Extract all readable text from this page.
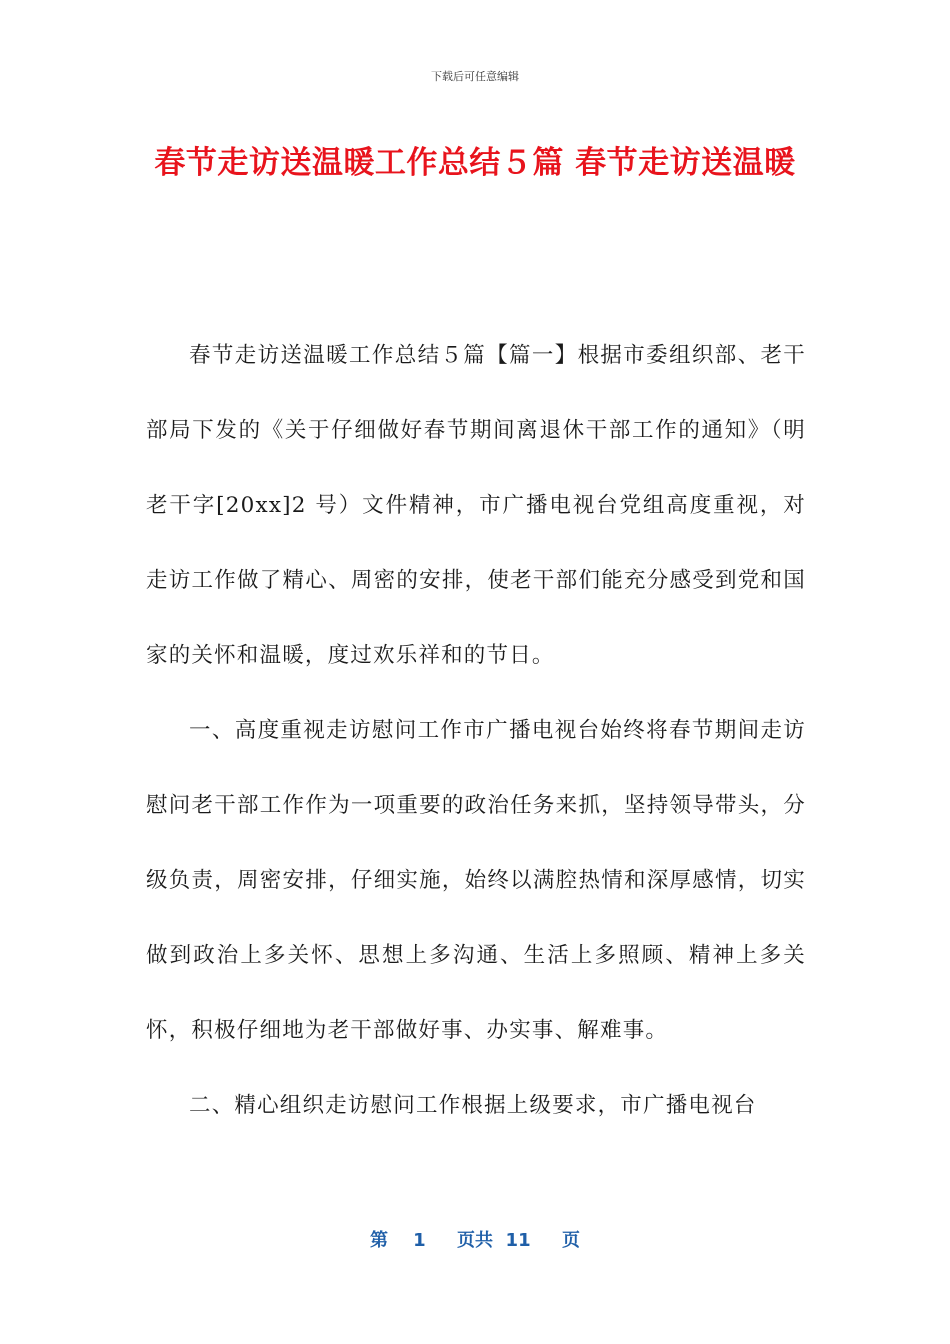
下载后可任意编辑
春节走访送温暖工作总结５篇 春节走访送温暖

春节走访送温暖工作总结５篇【篇一】根据市委组织部、老干部局下发的《关于仔细做好春节期间离退休干部工作的通知》（明老干字[20xx]2 号）文件精神，市广播电视台党组高度重视，对走访工作做了精心、周密的安排，使老干部们能充分感受到党和国家的关怀和温暖，度过欢乐祥和的节日。

一、高度重视走访慰问工作市广播电视台始终将春节期间走访慰问老干部工作作为一项重要的政治任务来抓，坚持领导带头，分级负责，周密安排，仔细实施，始终以满腔热情和深厚感情，切实做到政治上多关怀、思想上多沟通、生活上多照顾、精神上多关怀，积极仔细地为老干部做好事、办实事、解难事。

二、精心组织走访慰问工作根据上级要求，市广播电视台

第 1 页共 11 页
